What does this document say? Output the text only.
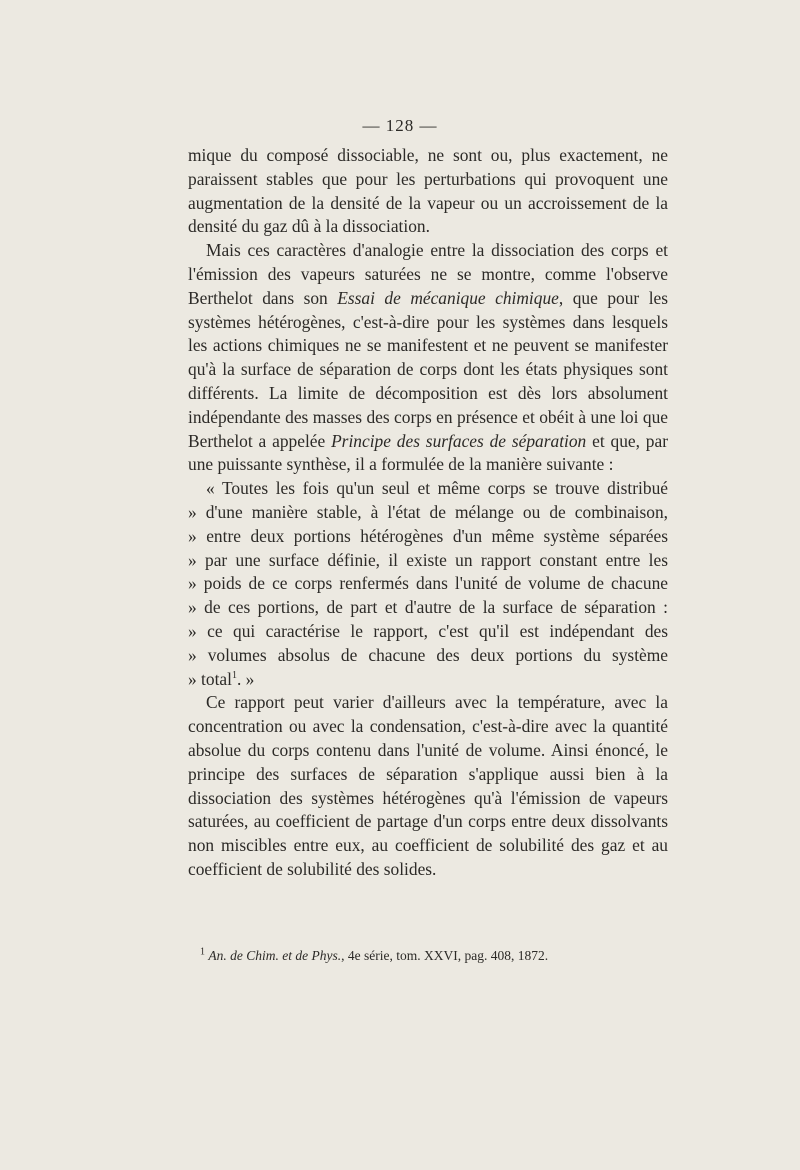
— 128 —

mique du composé dissociable, ne sont ou, plus exactement, ne paraissent stables que pour les perturbations qui provoquent une augmentation de la densité de la vapeur ou un accroissement de la densité du gaz dû à la dissociation.

Mais ces caractères d'analogie entre la dissociation des corps et l'émission des vapeurs saturées ne se montre, comme l'observe Berthelot dans son Essai de mécanique chimique, que pour les systèmes hétérogènes, c'est-à-dire pour les systèmes dans lesquels les actions chimiques ne se manifestent et ne peuvent se manifester qu'à la surface de séparation de corps dont les états physiques sont différents. La limite de décomposition est dès lors absolument indépendante des masses des corps en présence et obéit à une loi que Berthelot a appelée Principe des surfaces de séparation et que, par une puissante synthèse, il a formulée de la manière suivante :

« Toutes les fois qu'un seul et même corps se trouve distribué
» d'une manière stable, à l'état de mélange ou de combinaison,
» entre deux portions hétérogènes d'un même système séparées
» par une surface définie, il existe un rapport constant entre les
» poids de ce corps renfermés dans l'unité de volume de chacune
» de ces portions, de part et d'autre de la surface de séparation :
» ce qui caractérise le rapport, c'est qu'il est indépendant des
» volumes absolus de chacune des deux portions du système
» total$^1$. »

Ce rapport peut varier d'ailleurs avec la température, avec la concentration ou avec la condensation, c'est-à-dire avec la quantité absolue du corps contenu dans l'unité de volume. Ainsi énoncé, le principe des surfaces de séparation s'applique aussi bien à la dissociation des systèmes hétérogènes qu'à l'émission de vapeurs saturées, au coefficient de partage d'un corps entre deux dissolvants non miscibles entre eux, au coefficient de solubilité des gaz et au coefficient de solubilité des solides.

$^1$ An. de Chim. et de Phys., 4e série, tom. XXVI, pag. 408, 1872.
